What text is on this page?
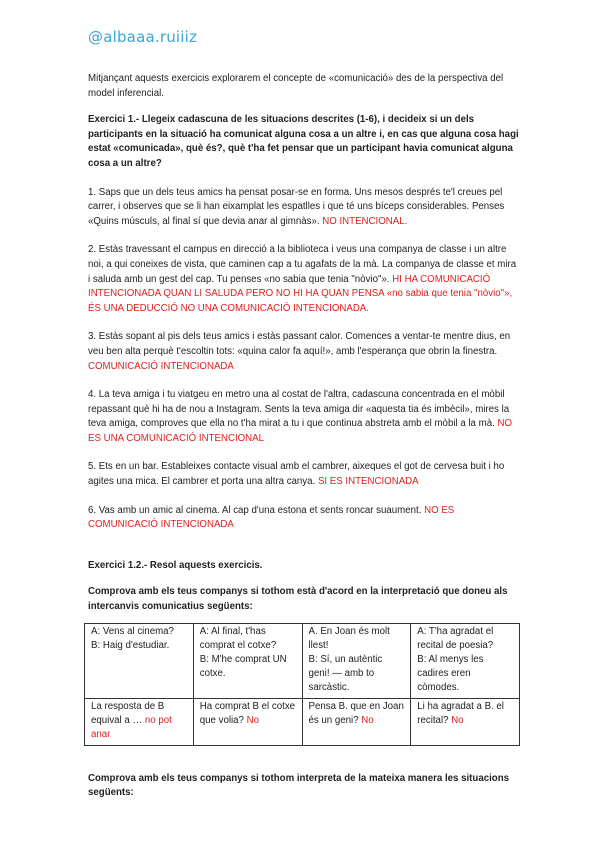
@albaaa.ruiiiz

Mitjançant aquests exercicis explorarem el concepte de «comunicació» des de la perspectiva del model inferencial.

Exercici 1.- Llegeix cadascuna de les situacions descrites (1-6), i decideix si un dels participants en la situació ha comunicat alguna cosa a un altre i, en cas que alguna cosa hagi estat «comunicada», què és?, què t'ha fet pensar que un participant havia comunicat alguna cosa a un altre?

1. Saps que un dels teus amics ha pensat posar-se en forma. Uns mesos després te'l creues pel carrer, i observes que se li han eixamplat les espatlles i que té uns bíceps considerables. Penses «Quins músculs, al final sí que devia anar al gimnàs». NO INTENCIONAL.

2. Estàs travessant el campus en direcció a la biblioteca i veus una companya de classe i un altre noi, a qui coneixes de vista, que caminen cap a tu agafats de la mà. La companya de classe et mira i saluda amb un gest del cap. Tu penses «no sabia que tenia "nòvio"». HI HA COMUNICACIÓ INTENCIONADA QUAN LI SALUDA PERO NO HI HA QUAN PENSA «no sabia que tenia "nòvio"», ÉS UNA DEDUCCIÓ NO UNA COMUNICACIÓ INTENCIONADA.

3. Estàs sopant al pis dels teus amics i estàs passant calor. Comences a ventar-te mentre dius, en veu ben alta perquè t'escoltin tots: «quina calor fa aquí!», amb l'esperança que obrin la finestra. COMUNICACIÓ INTENCIONADA

4. La teva amiga i tu viatgeu en metro una al costat de l'altra, cadascuna concentrada en el mòbil repassant què hi ha de nou a Instagram. Sents la teva amiga dir «aquesta tia és imbècil», mires la teva amiga, comproves que ella no t'ha mirat a tu i que continua abstreta amb el mòbil a la mà. NO ES UNA COMUNICACIÓ INTENCIONAL

5. Ets en un bar. Estableixes contacte visual amb el cambrer, aixeques el got de cervesa buit i ho agites una mica. El cambrer et porta una altra canya. SI ES INTENCIONADA

6. Vas amb un amic al cinema. Al cap d'una estona et sents roncar suaument. NO ES COMUNICACIÓ INTENCIONADA

Exercici 1.2.- Resol aquests exercicis.

Comprova amb els teus companys si tothom està d'acord en la interpretació que doneu als intercanvis comunicatius següents:

A: Vens al cinema?
B: Haig d'estudiar.	A: Al final, t'has comprat el cotxe?
B: M'he comprat UN cotxe.	A. En Joan és molt llest!
B: Sí, un autèntic geni! — amb to sarcàstic.	A: T'ha agradat el recital de poesia?
B: Al menys les cadires eren còmodes.

La resposta de B equival a … no pot anar	Ha comprat B el cotxe que volia? No	Pensa B. que en Joan és un geni? No	Li ha agradat a B. el recital? No

Comprova amb els teus companys si tothom interpreta de la mateixa manera les situacions següents:
